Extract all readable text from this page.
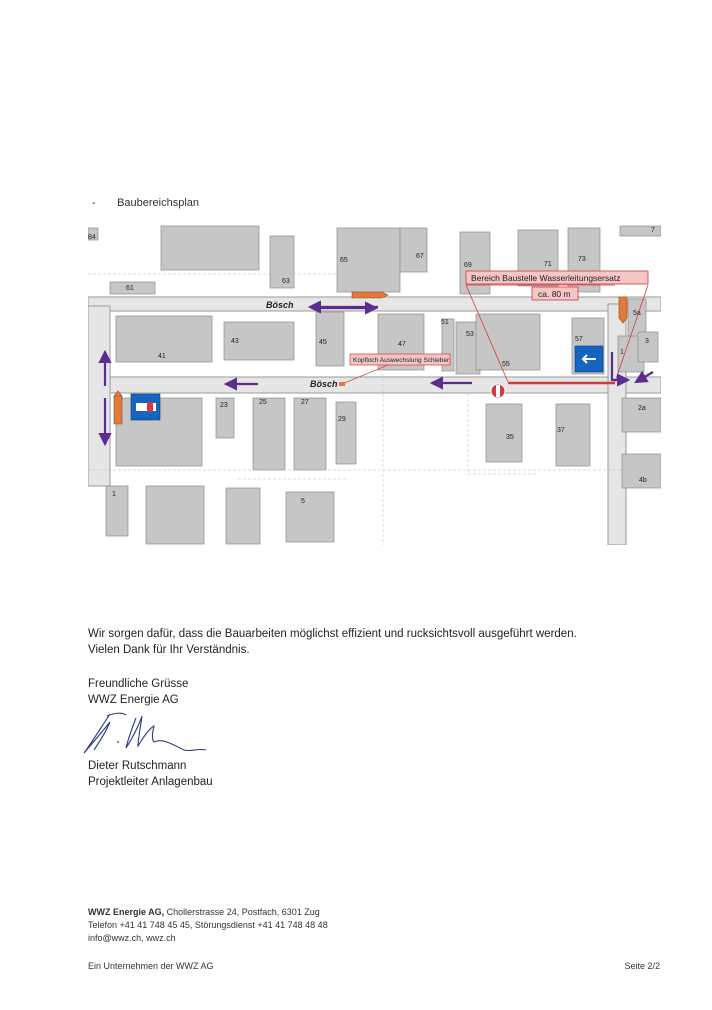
- Baubereichsplan
Bösch
Bösch
84
61
63
65
67
69	71
73
7
5a
41
43	45	47
51
53
55
57
1
3
23	25	27
29
35
37
2a
4b
1
5
Bereich Baustelle Wasserleitungsersatz
ca. 80 m
Kopfloch Auswechslung Schieber
Wir sorgen dafür, dass die Bauarbeiten möglichst effizient und rucksichtsvoll ausgeführt werden.
Vielen Dank für Ihr Verständnis.
Freundliche Grüsse
WWZ Energie AG
Dieter Rutschmann
Projektleiter Anlagenbau
WWZ Energie AG, Chollerstrasse 24, Postfach, 6301 Zug
Telefon +41 41 748 45 45, Störungsdienst +41 41 748 48 48
info@wwz.ch, wwz.ch
Ein Unternehmen der WWZ AG	Seite 2/2
